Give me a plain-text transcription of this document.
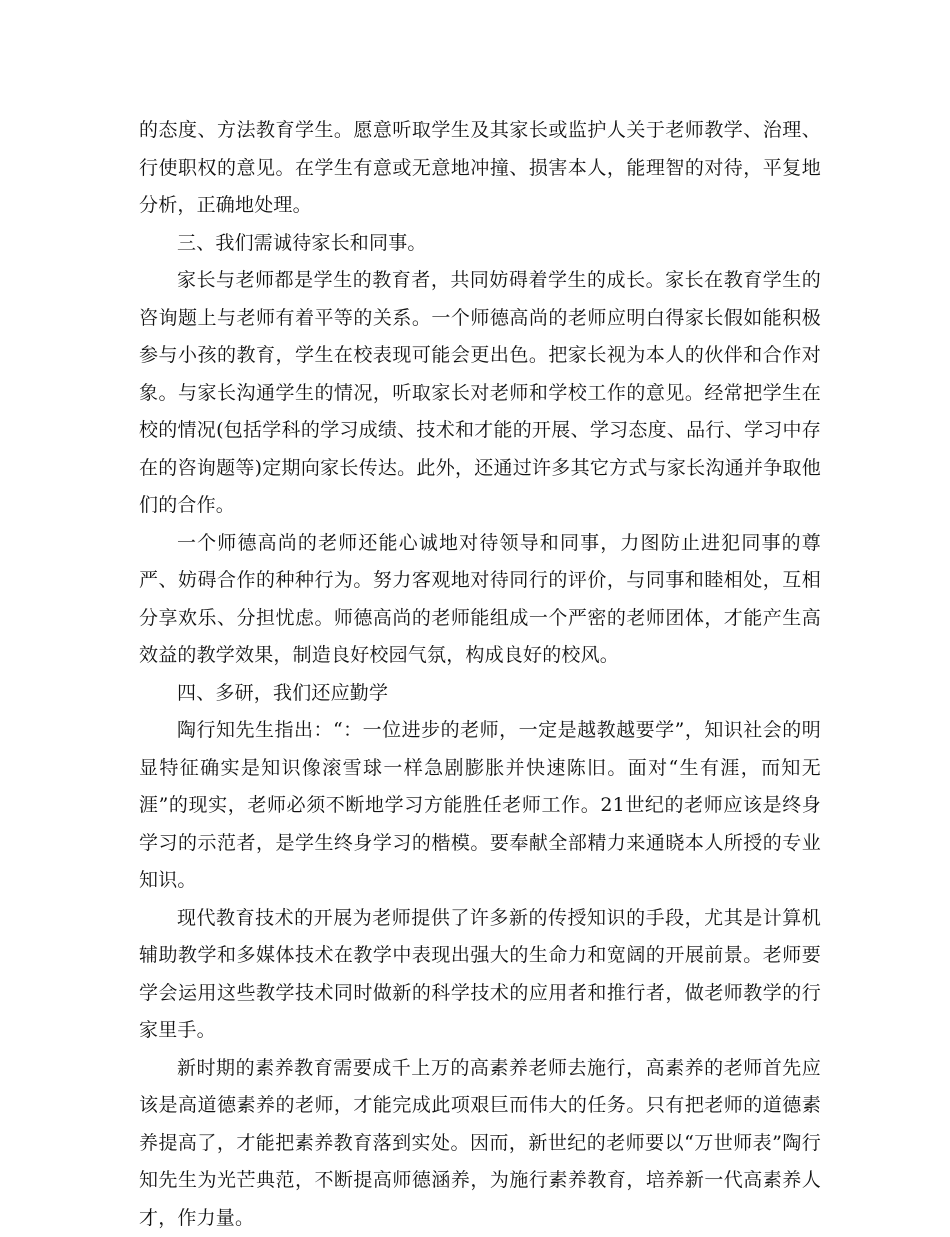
的态度、方法教育学生。愿意听取学生及其家长或监护人关于老师教学、治理、行使职权的意见。在学生有意或无意地冲撞、损害本人，能理智的对待，平复地分析，正确地处理。

三、我们需诚待家长和同事。

家长与老师都是学生的教育者，共同妨碍着学生的成长。家长在教育学生的咨询题上与老师有着平等的关系。一个师德高尚的老师应明白得家长假如能积极参与小孩的教育，学生在校表现可能会更出色。把家长视为本人的伙伴和合作对象。与家长沟通学生的情况，听取家长对老师和学校工作的意见。经常把学生在校的情况(包括学科的学习成绩、技术和才能的开展、学习态度、品行、学习中存在的咨询题等)定期向家长传达。此外，还通过许多其它方式与家长沟通并争取他们的合作。

一个师德高尚的老师还能心诚地对待领导和同事，力图防止进犯同事的尊严、妨碍合作的种种行为。努力客观地对待同行的评价，与同事和睦相处，互相分享欢乐、分担忧虑。师德高尚的老师能组成一个严密的老师团体，才能产生高效益的教学效果，制造良好校园气氛，构成良好的校风。

四、多研，我们还应勤学

陶行知先生指出：“：一位进步的老师，一定是越教越要学”，知识社会的明显特征确实是知识像滚雪球一样急剧膨胀并快速陈旧。面对“生有涯，而知无涯”的现实，老师必须不断地学习方能胜任老师工作。21世纪的老师应该是终身学习的示范者，是学生终身学习的楷模。要奉献全部精力来通晓本人所授的专业知识。

现代教育技术的开展为老师提供了许多新的传授知识的手段，尤其是计算机辅助教学和多媒体技术在教学中表现出强大的生命力和宽阔的开展前景。老师要学会运用这些教学技术同时做新的科学技术的应用者和推行者，做老师教学的行家里手。

新时期的素养教育需要成千上万的高素养老师去施行，高素养的老师首先应该是高道德素养的老师，才能完成此项艰巨而伟大的任务。只有把老师的道德素养提高了，才能把素养教育落到实处。因而，新世纪的老师要以“万世师表”陶行知先生为光芒典范，不断提高师德涵养，为施行素养教育，培养新一代高素养人才，作力量。
